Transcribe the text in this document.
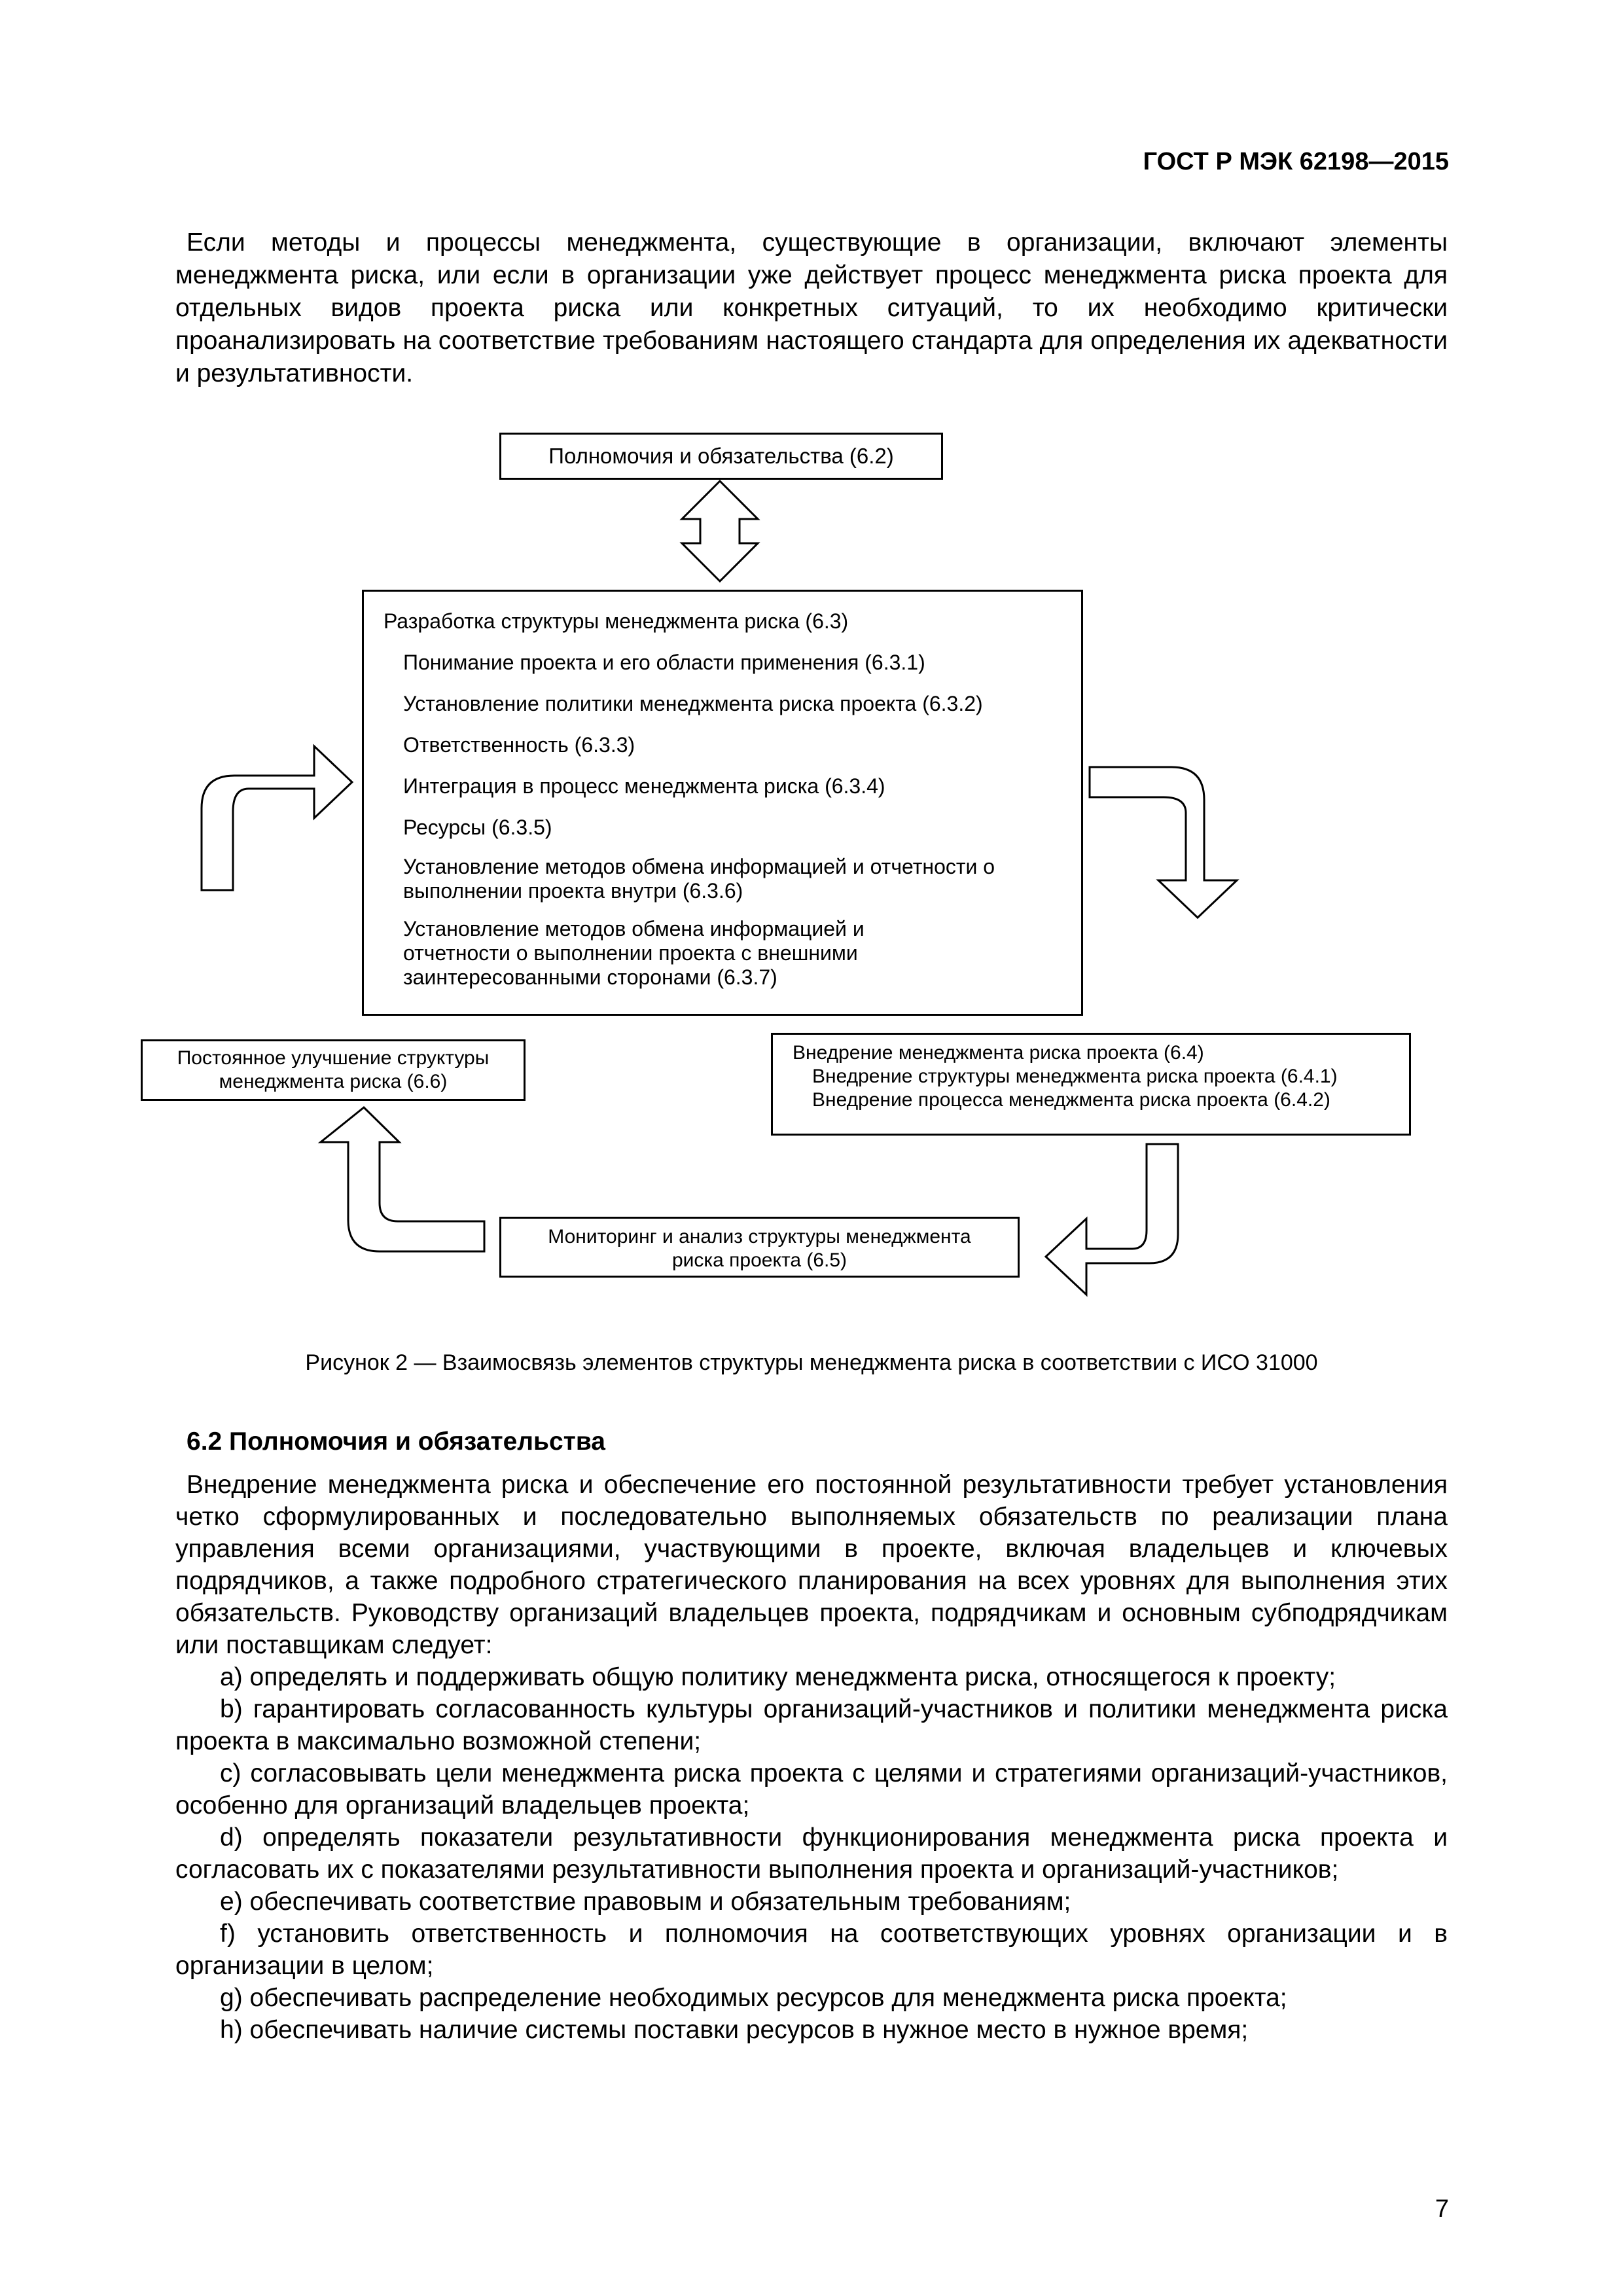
ГОСТ Р МЭК 62198—2015
Если методы и процессы менеджмента, существующие в организации, включают элементы менеджмента риска, или если в организации уже действует процесс менеджмента риска проекта для отдельных видов проекта риска или конкретных ситуаций, то их необходимо критически проанализировать на соответствие требованиям настоящего стандарта для определения их адекватности и результативности.
Полномочия и обязательства (6.2)
Разработка структуры менеджмента риска (6.3)
Понимание проекта и его области применения (6.3.1)
Установление политики менеджмента риска проекта (6.3.2)
Ответственность (6.3.3)
Интеграция в процесс менеджмента риска (6.3.4)
Ресурсы (6.3.5)
Установление методов обмена информацией и отчетности о выполнении проекта внутри (6.3.6)
Установление методов обмена информацией и отчетности о выполнении проекта с внешними заинтересованными сторонами (6.3.7)
Постоянное улучшение структуры менеджмента риска (6.6)
Внедрение менеджмента риска проекта (6.4)
Внедрение структуры менеджмента риска проекта (6.4.1)
Внедрение процесса менеджмента риска проекта (6.4.2)
Мониторинг и анализ структуры менеджмента риска проекта (6.5)
Рисунок 2 — Взаимосвязь элементов структуры менеджмента риска в соответствии с ИСО 31000
6.2 Полномочия и обязательства

Внедрение менеджмента риска и обеспечение его постоянной результативности требует установления четко сформулированных и последовательно выполняемых обязательств по реализации плана управления всеми организациями, участвующими в проекте, включая владельцев и ключевых подрядчиков, а также подробного стратегического планирования на всех уровнях для выполнения этих обязательств. Руководству организаций владельцев проекта, подрядчикам и основным субподрядчикам или поставщикам следует:

a) определять и поддерживать общую политику менеджмента риска, относящегося к проекту;

b) гарантировать согласованность культуры организаций-участников и политики менеджмента риска проекта в максимально возможной степени;

c) согласовывать цели менеджмента риска проекта с целями и стратегиями организаций-участников, особенно для организаций владельцев проекта;

d) определять показатели результативности функционирования менеджмента риска проекта и согласовать их с показателями результативности выполнения проекта и организаций-участников;

e) обеспечивать соответствие правовым и обязательным требованиям;

f) установить ответственность и полномочия на соответствующих уровнях организации и в организации в целом;

g) обеспечивать распределение необходимых ресурсов для менеджмента риска проекта;

h) обеспечивать наличие системы поставки ресурсов в нужное место в нужное время;

7
